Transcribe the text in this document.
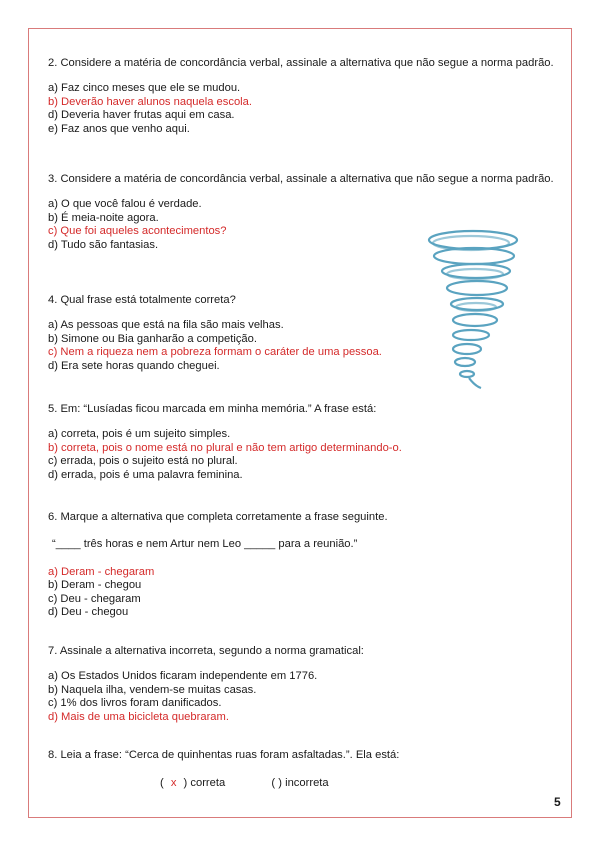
2. Considere a matéria de concordância verbal, assinale a alternativa que não segue a norma padrão.

a) Faz cinco meses que ele se mudou.

b) Deverão haver alunos naquela escola.

d) Deveria haver frutas aqui em casa.

e) Faz anos que venho aqui.

3. Considere a matéria de concordância verbal, assinale a alternativa que não segue a norma padrão.

a) O que você falou é verdade.

b) É meia-noite agora.

c) Que foi aqueles acontecimentos?

d) Tudo são fantasias.

4. Qual frase está totalmente correta?

a) As pessoas que está na fila são mais velhas.

b) Simone ou Bia ganharão a competição.

c) Nem a riqueza nem a pobreza formam o caráter de uma pessoa.

d) Era sete horas quando cheguei.

5. Em: “Lusíadas ficou marcada em minha memória.” A frase está:

a) correta, pois é um sujeito simples.

b) correta, pois o nome está no plural e não tem artigo determinando-o.

c) errada, pois o sujeito está no plural.

d) errada, pois é uma palavra feminina.

6. Marque a alternativa que completa corretamente a frase seguinte.

“____ três horas e nem Artur nem Leo _____ para a reunião.”

a) Deram - chegaram

b) Deram - chegou

c) Deu - chegaram

d) Deu - chegou

7. Assinale a alternativa incorreta, segundo a norma gramatical:

a) Os Estados Unidos ficaram independente em 1776.

b) Naquela ilha, vendem-se muitas casas.

c) 1% dos livros foram danificados.

d) Mais de uma bicicleta quebraram.

8. Leia a frase: “Cerca de quinhentas ruas foram asfaltadas.”. Ela está:

( x ) correta	( ) incorreta
5
